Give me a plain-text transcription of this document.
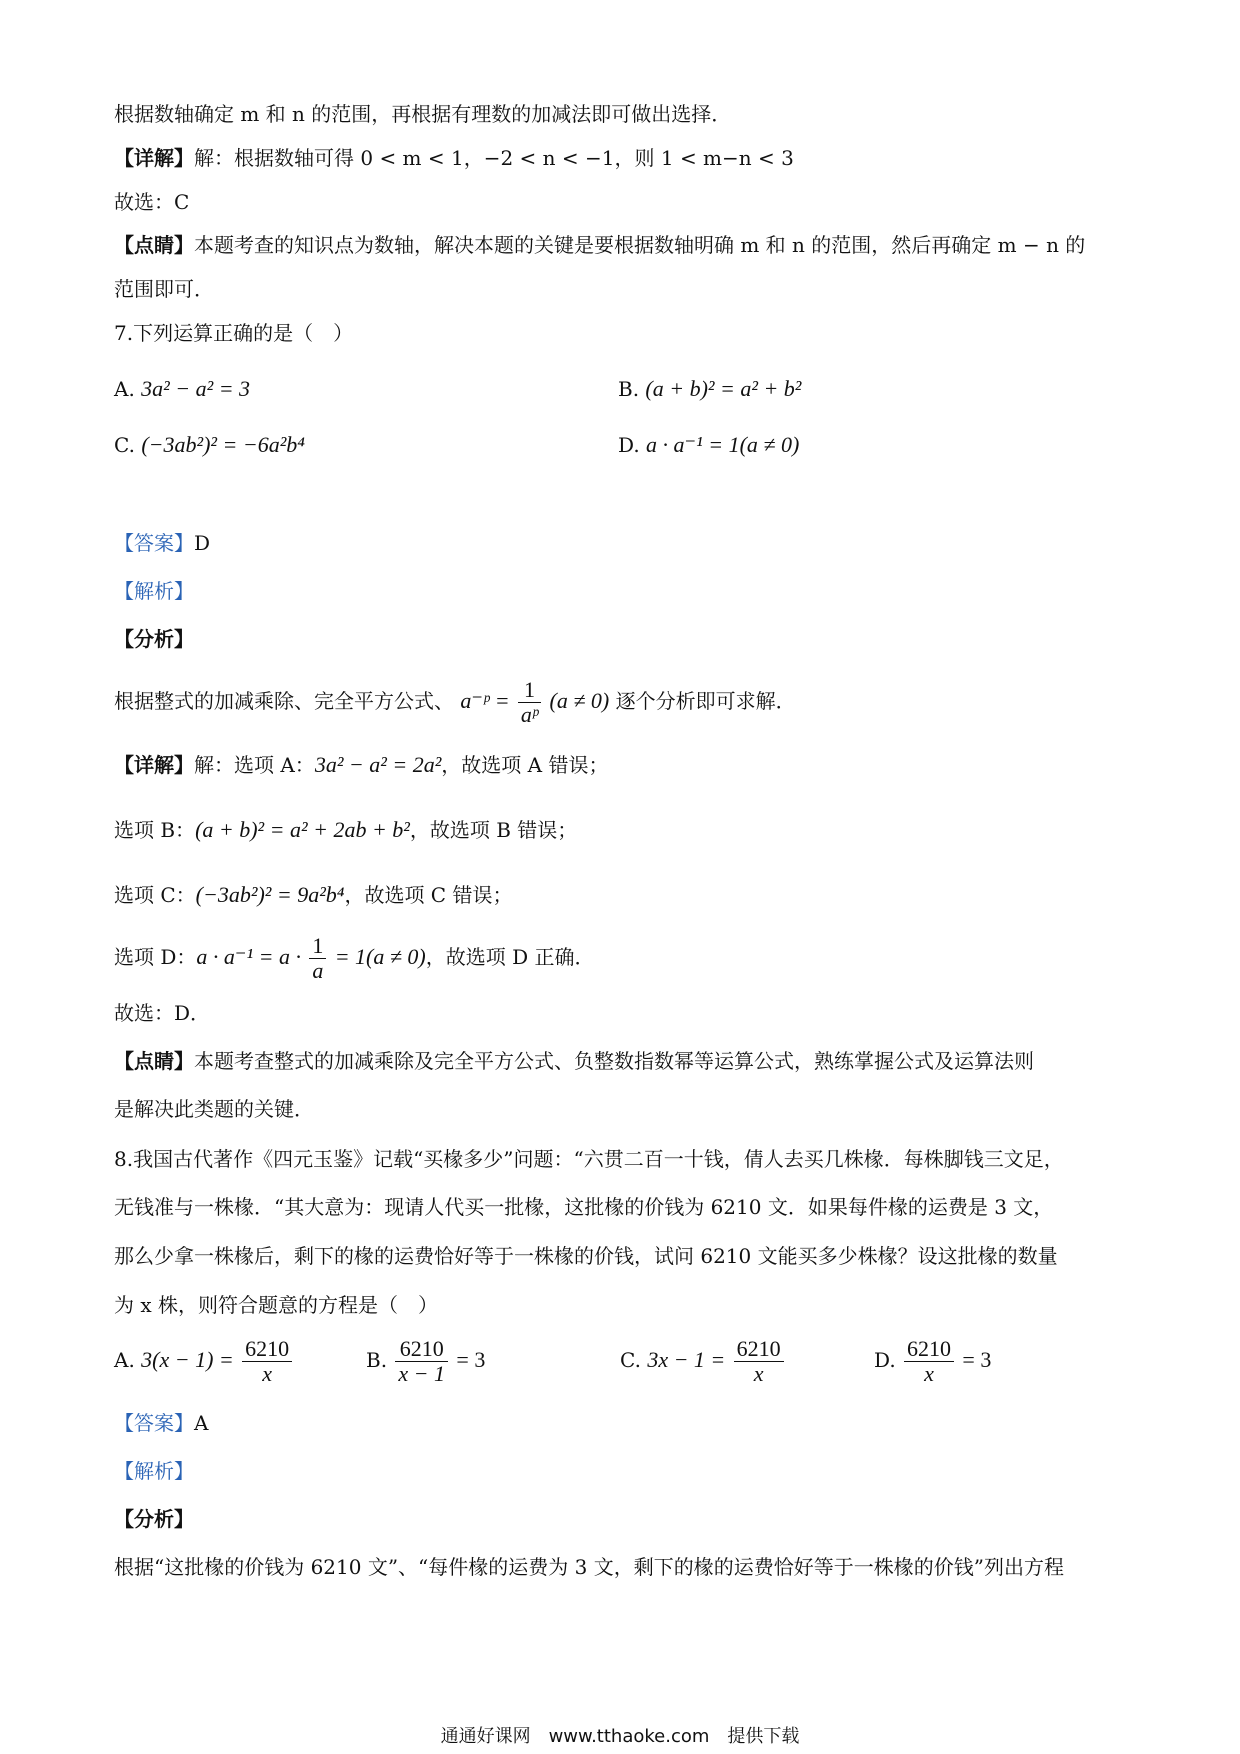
根据数轴确定 m 和 n 的范围，再根据有理数的加减法即可做出选择．
【详解】解：根据数轴可得 0 < m < 1，−2 < n < −1，则 1 < m−n < 3
故选：C
【点睛】本题考查的知识点为数轴，解决本题的关键是要根据数轴明确 m 和 n 的范围，然后再确定 m − n 的
范围即可．
7.下列运算正确的是（　）
A. 3a² − a² = 3	B. (a + b)² = a² + b²
C. (−3ab²)² = −6a²b⁴	D. a · a⁻¹ = 1(a ≠ 0)
【答案】D
【解析】
【分析】
根据整式的加减乘除、完全平方公式、 a⁻ᵖ = $\frac{1}{\text{aᵖ}} (a \ne 0)$ 逐个分析即可求解．
【详解】解：选项 A：3a² − a² = 2a²，故选项 A 错误；
选项 B：(a + b)² = a² + 2ab + b²，故选项 B 错误；
选项 C：(−3ab²)² = 9a²b⁴，故选项 C 错误；
选项 D：$a \cdot a^{-1} = a \cdot \frac{1}{a} = 1(a \ne 0)$，故选项 D 正确．
故选：D．
【点睛】本题考查整式的加减乘除及完全平方公式、负整数指数幂等运算公式，熟练掌握公式及运算法则
是解决此类题的关键．
8.我国古代著作《四元玉鉴》记载“买椽多少”问题：“六贯二百一十钱，倩人去买几株椽．每株脚钱三文足，
无钱准与一株椽．“其大意为：现请人代买一批椽，这批椽的价钱为 6210 文．如果每件椽的运费是 3 文，
那么少拿一株椽后，剩下的椽的运费恰好等于一株椽的价钱，试问 6210 文能买多少株椽？设这批椽的数量
为 x 株，则符合题意的方程是（　）
A. $3(x - 1) = \frac{6210}{x}$	B. $\frac{6210}{x - 1} = 3$	C. $3x - 1 = \frac{6210}{x}$	D. $\frac{6210}{x} = 3$
【答案】A
【解析】
【分析】
根据“这批椽的价钱为 6210 文”、“每件椽的运费为 3 文，剩下的椽的运费恰好等于一株椽的价钱”列出方程
通通好课网　www.tthaoke.com　提供下载
